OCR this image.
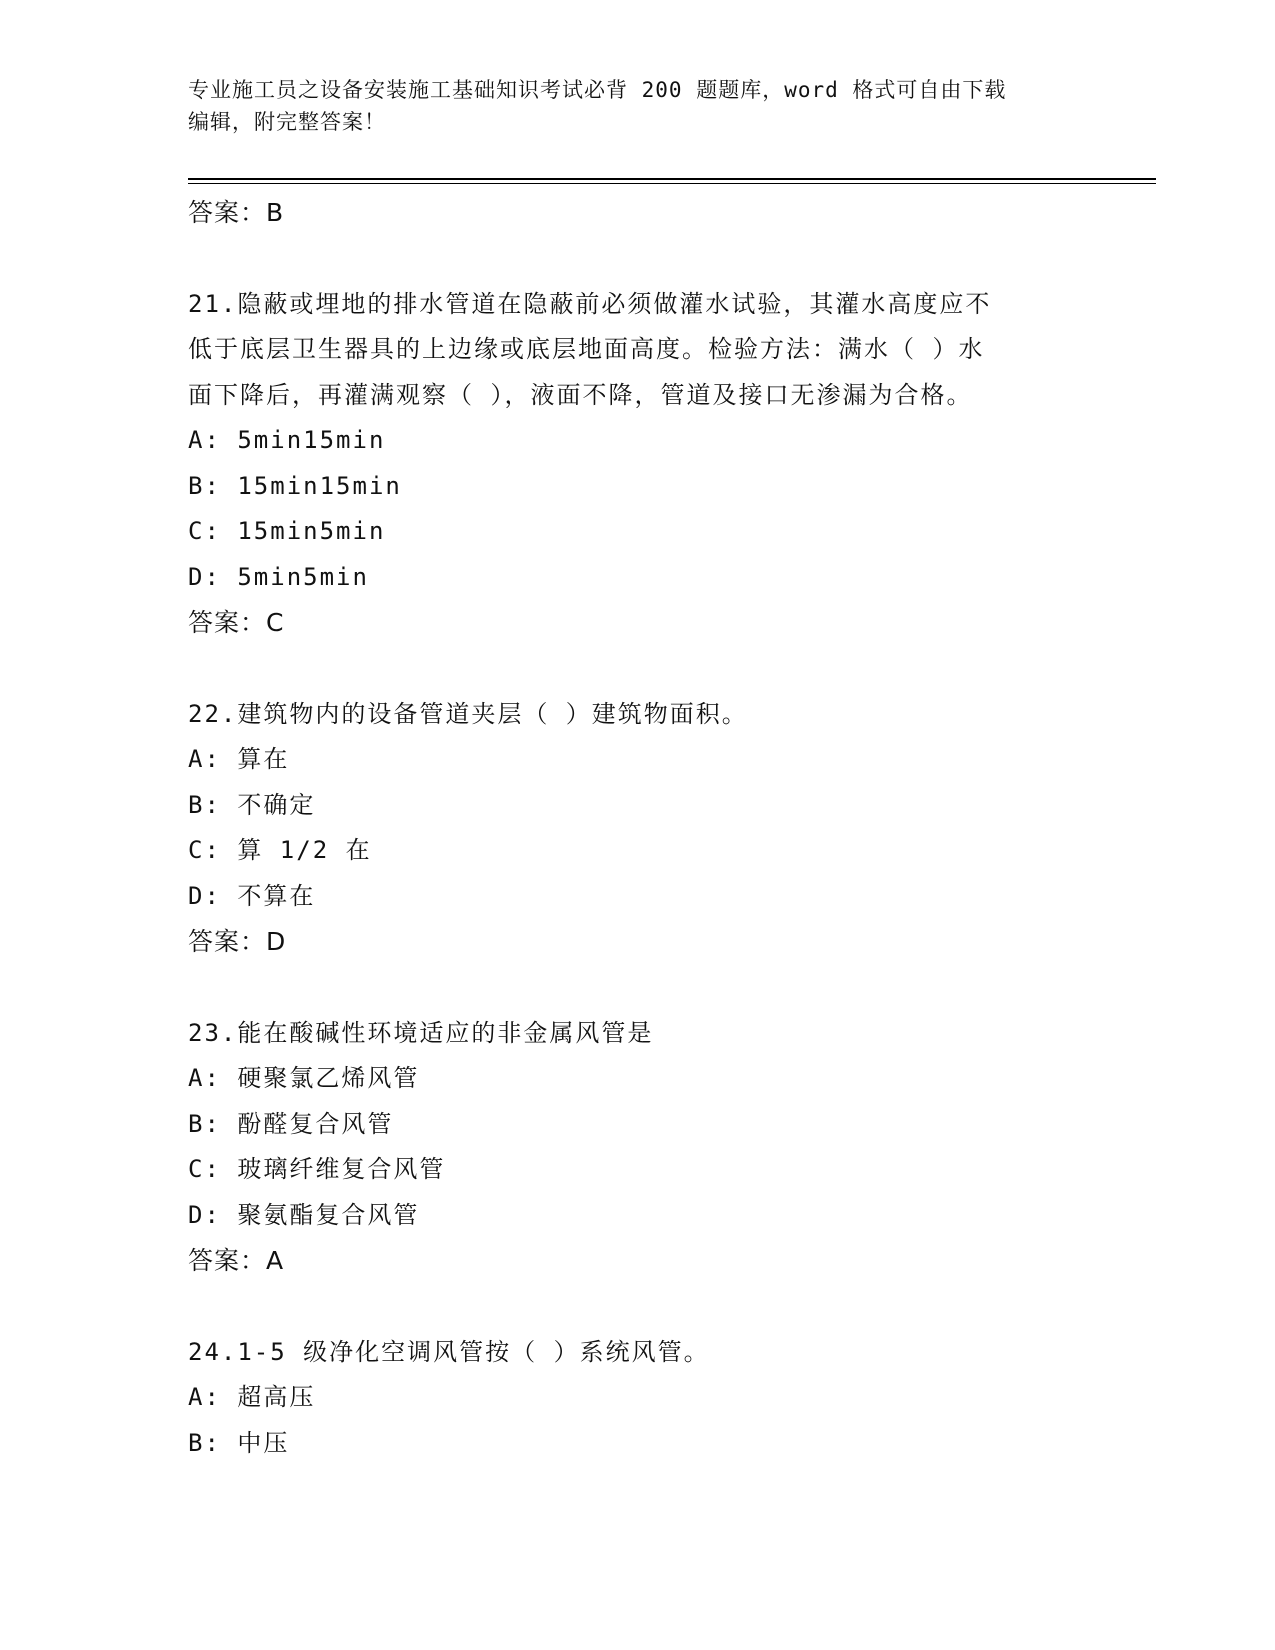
专业施工员之设备安装施工基础知识考试必背 200 题题库，word 格式可自由下载
编辑，附完整答案！
答案：B
21.隐蔽或埋地的排水管道在隐蔽前必须做灌水试验，其灌水高度应不
低于底层卫生器具的上边缘或底层地面高度。检验方法：满水（ ）水
面下降后，再灌满观察（ ），液面不降，管道及接口无渗漏为合格。
A: 5min15min
B: 15min15min
C: 15min5min
D: 5min5min
答案：C
22.建筑物内的设备管道夹层（ ）建筑物面积。
A: 算在
B: 不确定
C: 算 1/2 在
D: 不算在
答案：D
23.能在酸碱性环境适应的非金属风管是
A: 硬聚氯乙烯风管
B: 酚醛复合风管
C: 玻璃纤维复合风管
D: 聚氨酯复合风管
答案：A
24.1-5 级净化空调风管按（ ）系统风管。
A: 超高压
B: 中压
